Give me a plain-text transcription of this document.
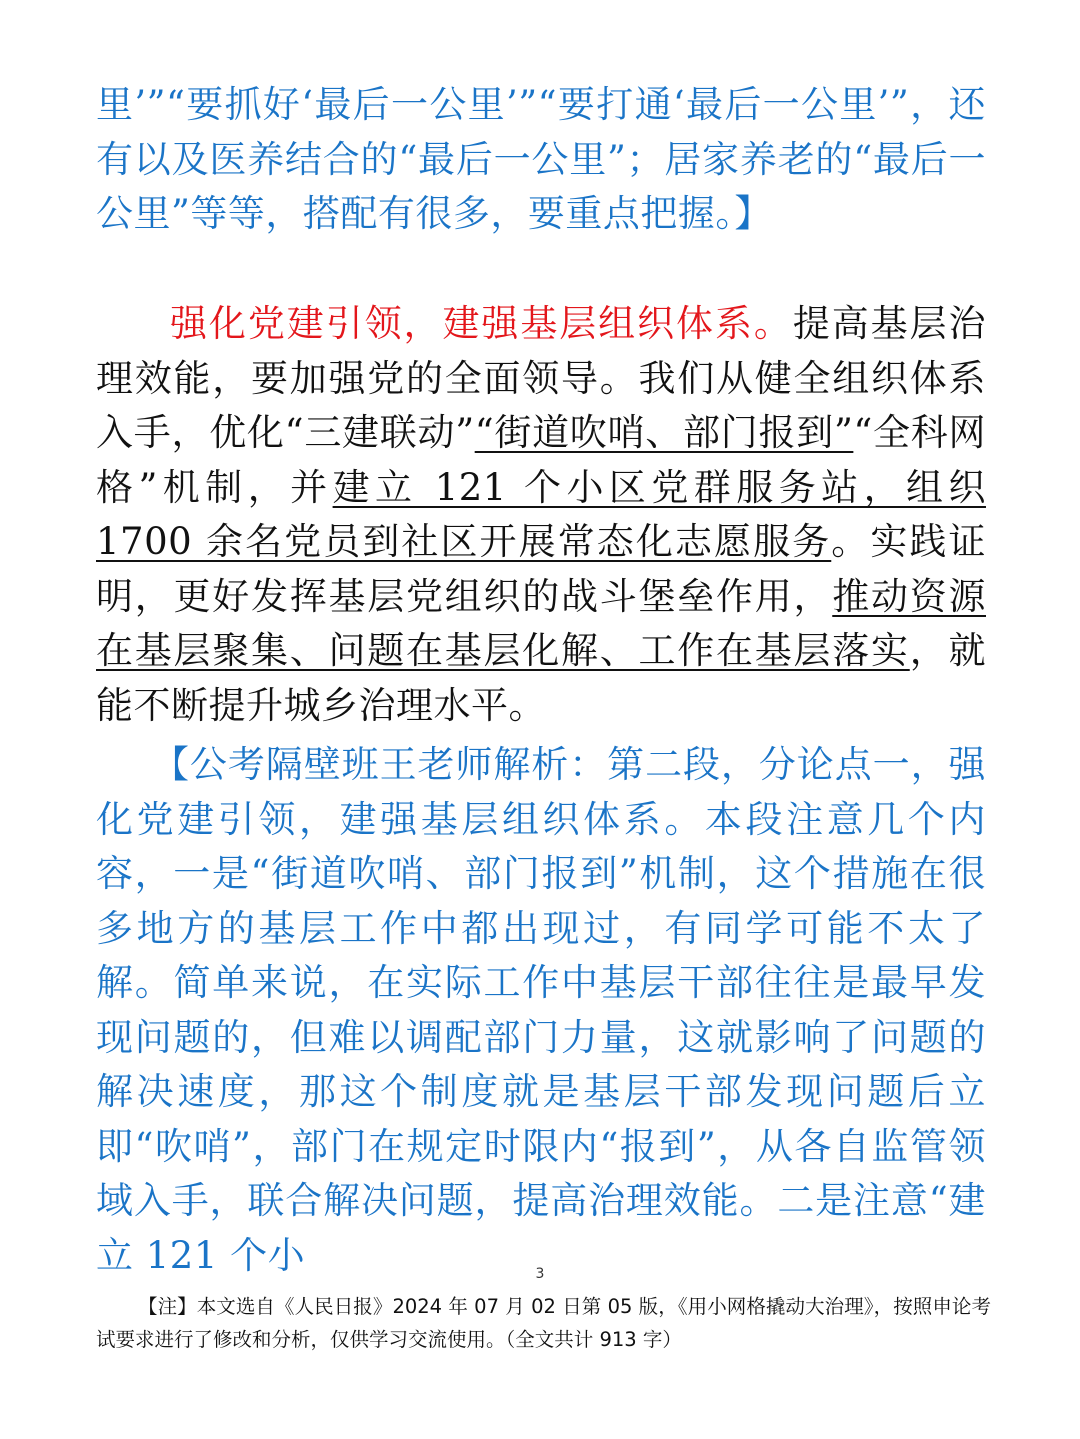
里’”“要抓好‘最后一公里’”“要打通‘最后一公里’”，还有以及医养结合的“最后一公里”；居家养老的“最后一公里”等等，搭配有很多，要重点把握。】

强化党建引领，建强基层组织体系。提高基层治理效能，要加强党的全面领导。我们从健全组织体系入手，优化“三建联动”“街道吹哨、部门报到”“全科网格”机制，并建立 121 个小区党群服务站，组织 1700 余名党员到社区开展常态化志愿服务。实践证明，更好发挥基层党组织的战斗堡垒作用，推动资源在基层聚集、问题在基层化解、工作在基层落实，就能不断提升城乡治理水平。

【公考隔壁班王老师解析：第二段，分论点一，强化党建引领，建强基层组织体系。本段注意几个内容，一是“街道吹哨、部门报到”机制，这个措施在很多地方的基层工作中都出现过，有同学可能不太了解。简单来说，在实际工作中基层干部往往是最早发现问题的，但难以调配部门力量，这就影响了问题的解决速度，那这个制度就是基层干部发现问题后立即“吹哨”，部门在规定时限内“报到”，从各自监管领域入手，联合解决问题，提高治理效能。二是注意“建立 121 个小	3

【注】本文选自《人民日报》2024 年 07 月 02 日第 05 版，《用小网格撬动大治理》，按照申论考试要求进行了修改和分析，仅供学习交流使用。（全文共计 913 字）
